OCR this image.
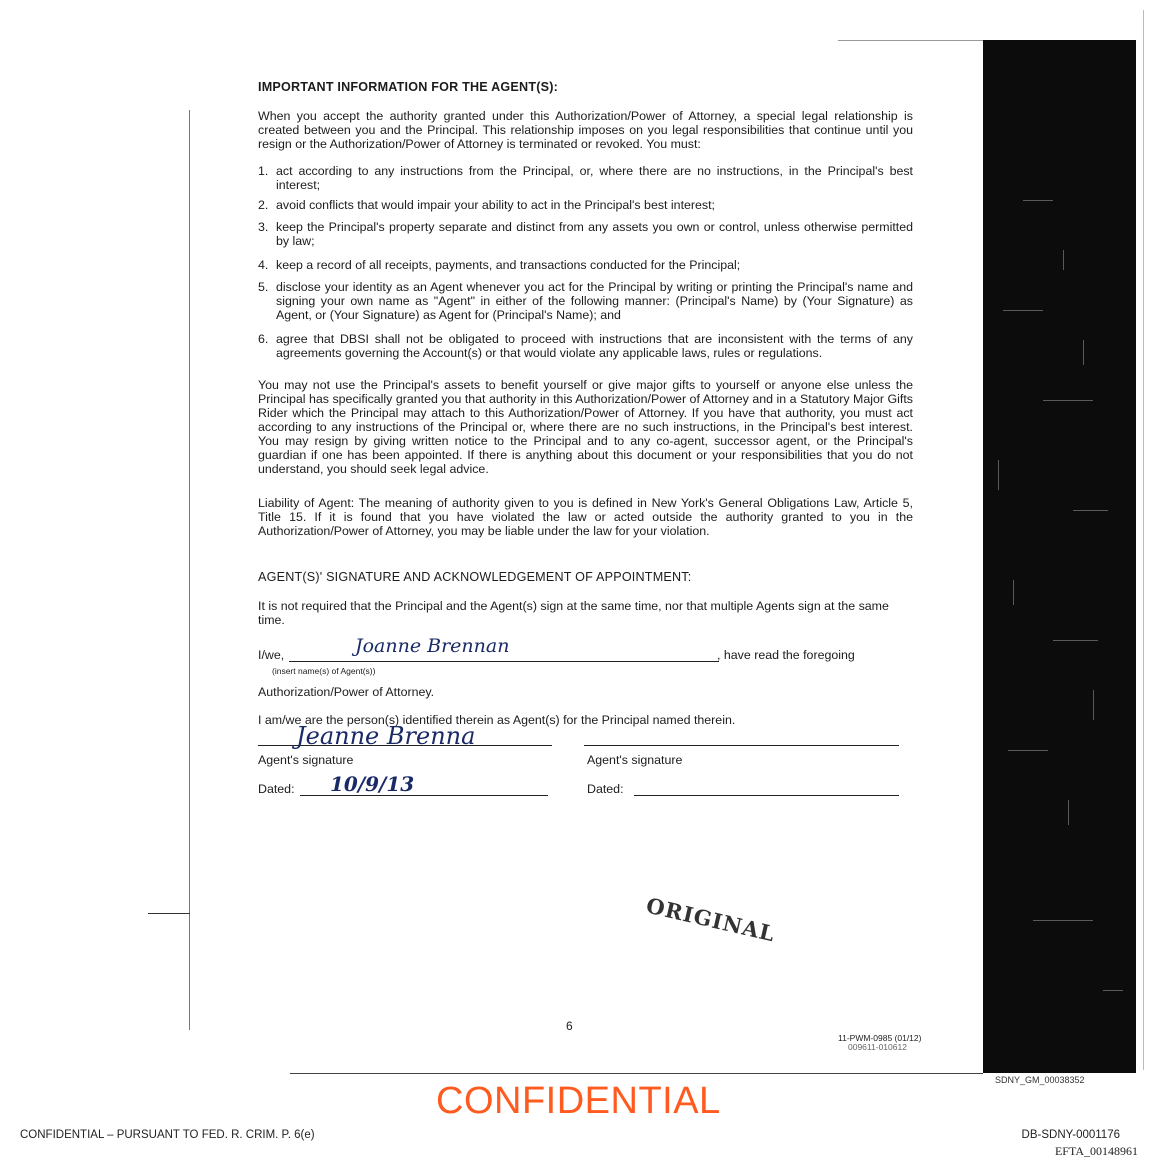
IMPORTANT INFORMATION FOR THE AGENT(S):
When you accept the authority granted under this Authorization/Power of Attorney, a special legal relationship is created between you and the Principal. This relationship imposes on you legal responsibilities that continue until you resign or the Authorization/Power of Attorney is terminated or revoked. You must:
1. act according to any instructions from the Principal, or, where there are no instructions, in the Principal's best interest;
2. avoid conflicts that would impair your ability to act in the Principal's best interest;
3. keep the Principal's property separate and distinct from any assets you own or control, unless otherwise permitted by law;
4. keep a record of all receipts, payments, and transactions conducted for the Principal;
5. disclose your identity as an Agent whenever you act for the Principal by writing or printing the Principal's name and signing your own name as "Agent" in either of the following manner: (Principal's Name) by (Your Signature) as Agent, or (Your Signature) as Agent for (Principal's Name); and
6. agree that DBSI shall not be obligated to proceed with instructions that are inconsistent with the terms of any agreements governing the Account(s) or that would violate any applicable laws, rules or regulations.
You may not use the Principal's assets to benefit yourself or give major gifts to yourself or anyone else unless the Principal has specifically granted you that authority in this Authorization/Power of Attorney and in a Statutory Major Gifts Rider which the Principal may attach to this Authorization/Power of Attorney. If you have that authority, you must act according to any instructions of the Principal or, where there are no such instructions, in the Principal's best interest. You may resign by giving written notice to the Principal and to any co-agent, successor agent, or the Principal's guardian if one has been appointed. If there is anything about this document or your responsibilities that you do not understand, you should seek legal advice.
Liability of Agent: The meaning of authority given to you is defined in New York's General Obligations Law, Article 5, Title 15. If it is found that you have violated the law or acted outside the authority granted to you in the Authorization/Power of Attorney, you may be liable under the law for your violation.
AGENT(S)' SIGNATURE AND ACKNOWLEDGEMENT OF APPOINTMENT:
It is not required that the Principal and the Agent(s) sign at the same time, nor that multiple Agents sign at the same time.
I/we,	Joanne Brennan	, have read the foregoing
(insert name(s) of Agent(s))
Authorization/Power of Attorney.
I am/we are the person(s) identified therein as Agent(s) for the Principal named therein.
Jeanne Brenna
Agent's signature	Agent's signature
Dated: 10/9/13	Dated:
ORIGINAL
6
11-PWM-0985 (01/12)
009611-010612
SDNY_GM_00038352
CONFIDENTIAL
CONFIDENTIAL – PURSUANT TO FED. R. CRIM. P. 6(e)	DB-SDNY-0001176
EFTA_00148961
